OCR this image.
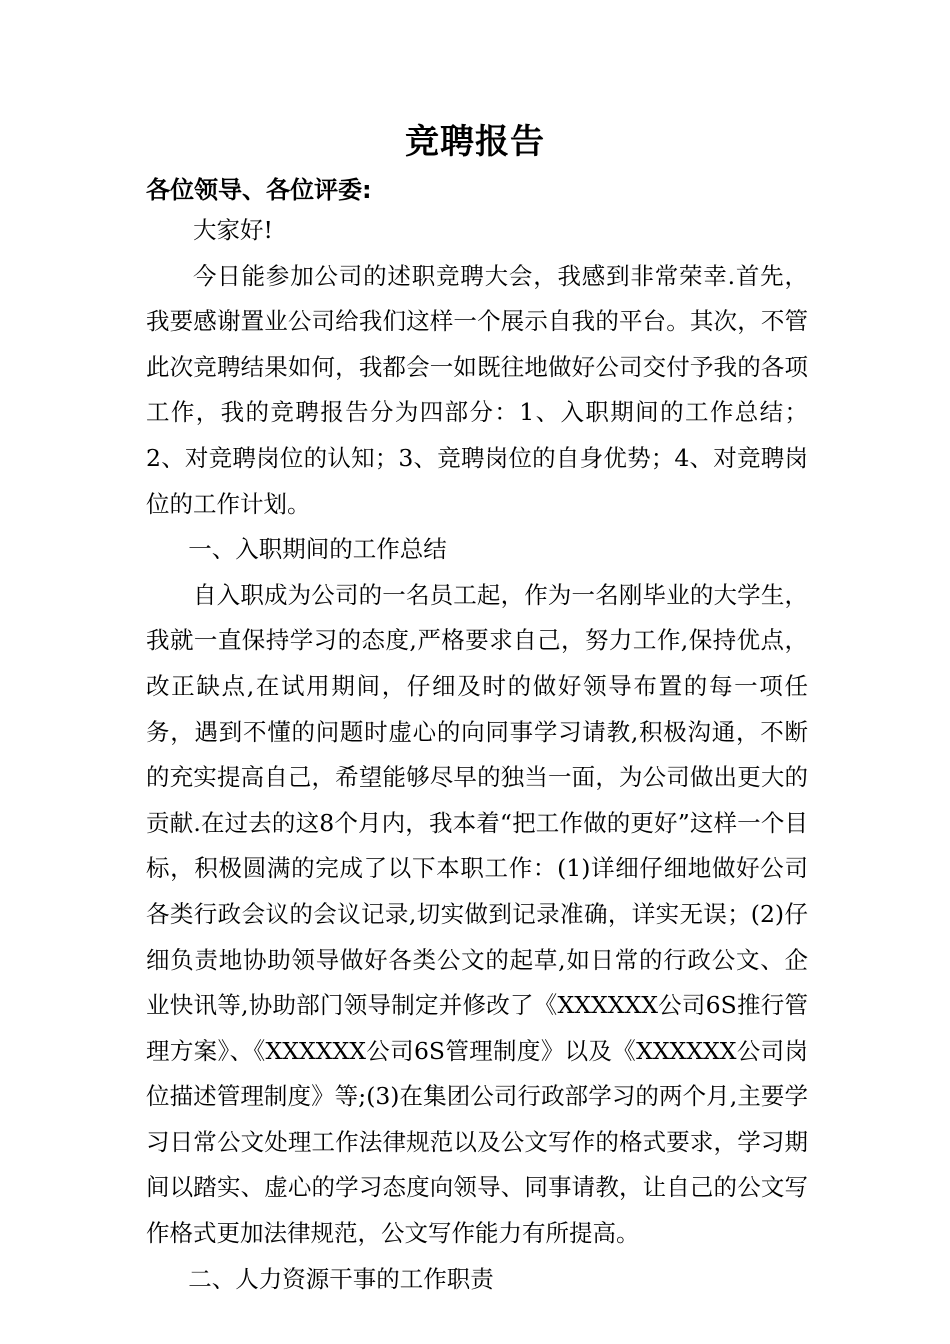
竞聘报告
各位领导、各位评委:

大家好!

今日能参加公司的述职竞聘大会，我感到非常荣幸.首先，我要感谢置业公司给我们这样一个展示自我的平台。其次，不管此次竞聘结果如何，我都会一如既往地做好公司交付予我的各项工作，我的竞聘报告分为四部分：1、入职期间的工作总结；2、对竞聘岗位的认知；3、竞聘岗位的自身优势；4、对竞聘岗位的工作计划。

一、入职期间的工作总结

自入职成为公司的一名员工起，作为一名刚毕业的大学生，我就一直保持学习的态度,严格要求自己，努力工作,保持优点，改正缺点,在试用期间，仔细及时的做好领导布置的每一项任务，遇到不懂的问题时虚心的向同事学习请教,积极沟通，不断的充实提高自己，希望能够尽早的独当一面，为公司做出更大的贡献.在过去的这8个月内，我本着“把工作做的更好”这样一个目标，积极圆满的完成了以下本职工作：(1)详细仔细地做好公司各类行政会议的会议记录,切实做到记录准确，详实无误；(2)仔细负责地协助领导做好各类公文的起草,如日常的行政公文、企业快讯等,协助部门领导制定并修改了《XXXXXX公司6S推行管理方案》、《XXXXXX公司6S管理制度》以及《XXXXXX公司岗位描述管理制度》等;(3)在集团公司行政部学习的两个月,主要学习日常公文处理工作法律规范以及公文写作的格式要求，学习期间以踏实、虚心的学习态度向领导、同事请教，让自己的公文写作格式更加法律规范，公文写作能力有所提高。

二、人力资源干事的工作职责
